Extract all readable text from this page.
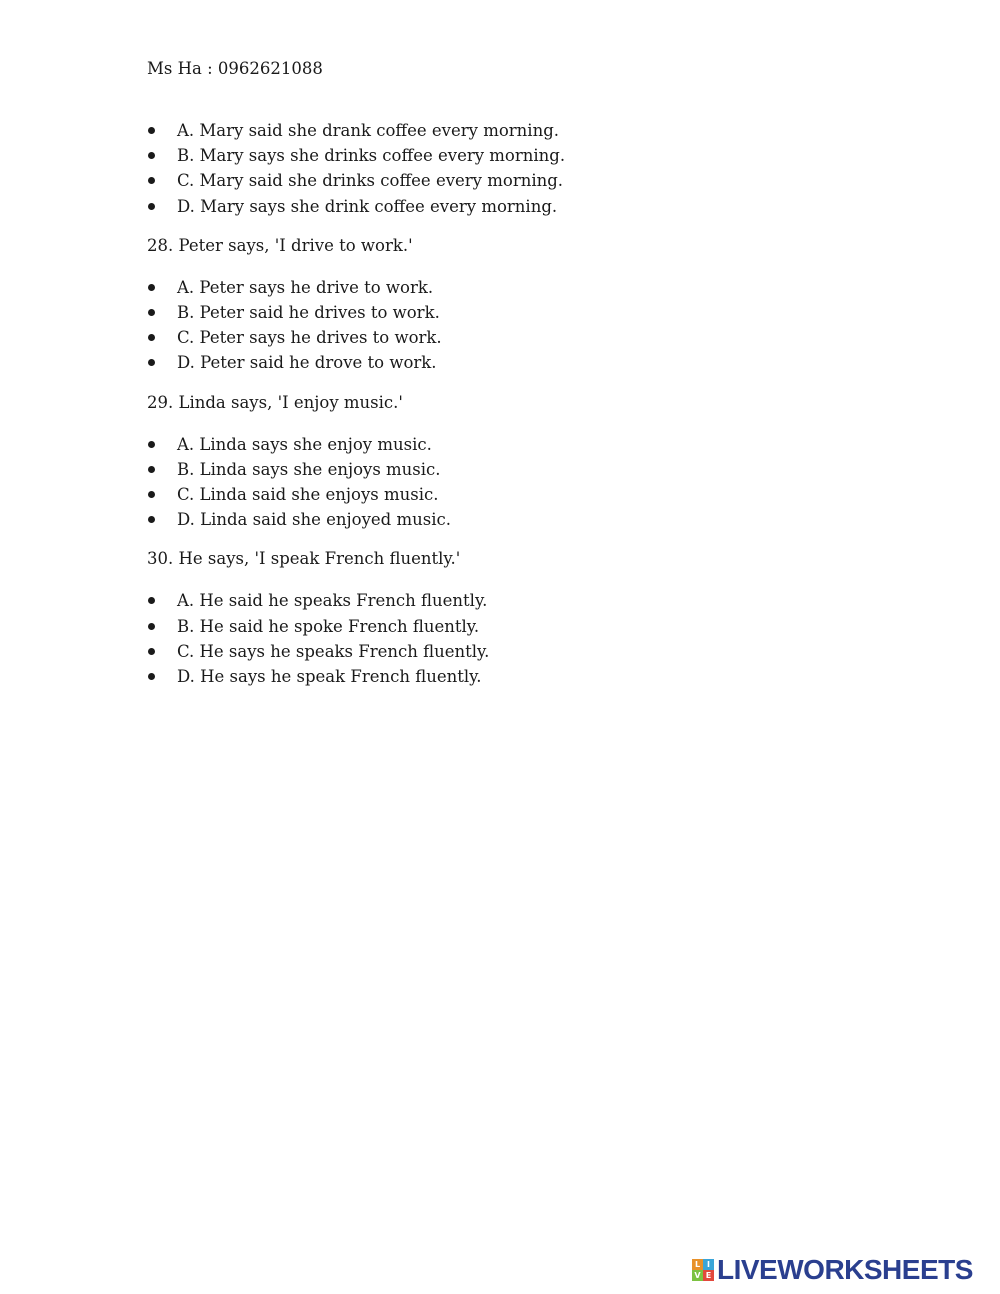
Ms Ha : 0962621088
A. Mary said she drank coffee every morning.
B. Mary says she drinks coffee every morning.
C. Mary said she drinks coffee every morning.
D. Mary says she drink coffee every morning.
28. Peter says, 'I drive to work.'
A. Peter says he drive to work.
B. Peter said he drives to work.
C. Peter says he drives to work.
D. Peter said he drove to work.
29. Linda says, 'I enjoy music.'
A. Linda says she enjoy music.
B. Linda says she enjoys music.
C. Linda said she enjoys music.
D. Linda said she enjoyed music.
30. He says, 'I speak French fluently.'
A. He said he speaks French fluently.
B. He said he spoke French fluently.
C. He says he speaks French fluently.
D. He says he speak French fluently.
L I
V E LIVEWORKSHEETS
